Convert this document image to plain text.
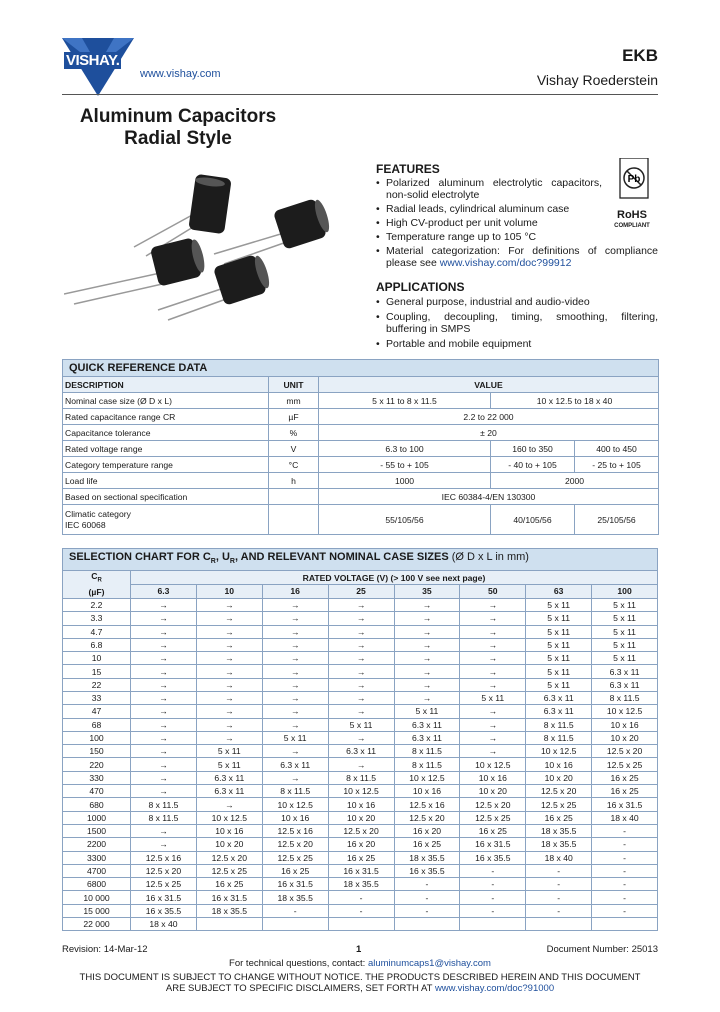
VISHAY.
www.vishay.com
EKB
Vishay Roederstein
Aluminum Capacitors
Radial Style
FEATURES
• Polarized aluminum electrolytic capacitors, non-solid electrolyte
• Radial leads, cylindrical aluminum case
• High CV-product per unit volume
• Temperature range up to 105 °C
• Material categorization: For definitions of compliance please see www.vishay.com/doc?99912
Pb
RoHS
COMPLIANT
APPLICATIONS
• General purpose, industrial and audio-video
• Coupling, decoupling, timing, smoothing, filtering, buffering in SMPS
• Portable and mobile equipment
QUICK REFERENCE DATA				
DESCRIPTION	UNIT	VALUE		
Nominal case size (Ø D x L)	mm	5 x 11 to 8 x 11.5	10 x 12.5 to 18 x 40	
Rated capacitance range CR	µF	2.2 to 22 000		
Capacitance tolerance	%	± 20		
Rated voltage range	V	6.3 to 100	160 to 350	400 to 450
Category temperature range	°C	- 55 to + 105	- 40 to + 105	- 25 to + 105
Load life	h	1000	2000	
Based on sectional specification		IEC 60384-4/EN 130300		

Climatic category
IEC 60068		55/105/56	40/105/56	25/105/56
SELECTION CHART FOR $C_R$, $U_R$, AND RELEVANT NOMINAL CASE SIZES (Ø D x L in mm)								

$C_R$
(µF)	RATED VOLTAGE (V) (> 100 V see next page)							
	6.3	10	16	25	35	50	63	100
2.2	→	→	→	→	→	→	5 x 11	5 x 11
3.3	→	→	→	→	→	→	5 x 11	5 x 11
4.7	→	→	→	→	→	→	5 x 11	5 x 11
6.8	→	→	→	→	→	→	5 x 11	5 x 11
10	→	→	→	→	→	→	5 x 11	5 x 11
15	→	→	→	→	→	→	5 x 11	6.3 x 11
22	→	→	→	→	→	→	5 x 11	6.3 x 11
33	→	→	→	→	→	5 x 11	6.3 x 11	8 x 11.5
47	→	→	→	→	5 x 11	→	6.3 x 11	10 x 12.5
68	→	→	→	5 x 11	6.3 x 11	→	8 x 11.5	10 x 16
100	→	→	5 x 11	→	6.3 x 11	→	8 x 11.5	10 x 20
150	→	5 x 11	→	6.3 x 11	8 x 11.5	→	10 x 12.5	12.5 x 20
220	→	5 x 11	6.3 x 11	→	8 x 11.5	10 x 12.5	10 x 16	12.5 x 25
330	→	6.3 x 11	→	8 x 11.5	10 x 12.5	10 x 16	10 x 20	16 x 25
470	→	6.3 x 11	8 x 11.5	10 x 12.5	10 x 16	10 x 20	12.5 x 20	16 x 25
680	8 x 11.5	→	10 x 12.5	10 x 16	12.5 x 16	12.5 x 20	12.5 x 25	16 x 31.5
1000	8 x 11.5	10 x 12.5	10 x 16	10 x 20	12.5 x 20	12.5 x 25	16 x 25	18 x 40
1500	→	10 x 16	12.5 x 16	12.5 x 20	16 x 20	16 x 25	18 x 35.5	-
2200	→	10 x 20	12.5 x 20	16 x 20	16 x 25	16 x 31.5	18 x 35.5	-
3300	12.5 x 16	12.5 x 20	12.5 x 25	16 x 25	18 x 35.5	16 x 35.5	18 x 40	-
4700	12.5 x 20	12.5 x 25	16 x 25	16 x 31.5	16 x 35.5	-	-	-
6800	12.5 x 25	16 x 25	16 x 31.5	18 x 35.5	-	-	-	-
10 000	16 x 31.5	16 x 31.5	18 x 35.5	-	-	-	-	-
15 000	16 x 35.5	18 x 35.5	-	-	-	-	-	-
22 000	18 x 40							
Revision: 14-Mar-12	1	Document Number: 25013
For technical questions, contact: aluminumcaps1@vishay.com
THIS DOCUMENT IS SUBJECT TO CHANGE WITHOUT NOTICE. THE PRODUCTS DESCRIBED HEREIN AND THIS DOCUMENT
ARE SUBJECT TO SPECIFIC DISCLAIMERS, SET FORTH AT www.vishay.com/doc?91000
